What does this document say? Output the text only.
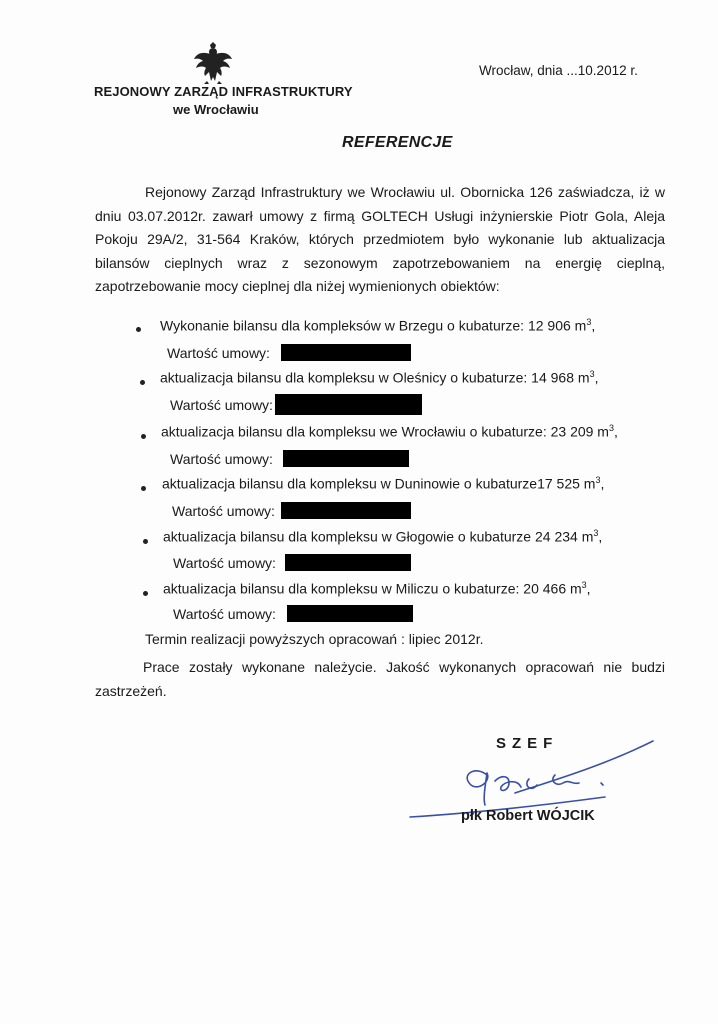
REJONOWY ZARZĄD INFRASTRUKTURY
we Wrocławiu
Wrocław, dnia ...10.2012 r.
REFERENCJE
Rejonowy Zarząd Infrastruktury we Wrocławiu ul. Obornicka 126 zaświadcza, iż w dniu 03.07.2012r. zawarł umowy z firmą GOLTECH Usługi inżynierskie Piotr Gola, Aleja Pokoju 29A/2, 31-564 Kraków, których przedmiotem było wykonanie lub aktualizacja bilansów cieplnych wraz z sezonowym zapotrzebowaniem na energię cieplną, zapotrzebowanie mocy cieplnej dla niżej wymienionych obiektów:
Wykonanie bilansu dla kompleksów w Brzegu o kubaturze: 12 906 $m^3$,
Wartość umowy:
aktualizacja bilansu dla kompleksu w Oleśnicy o kubaturze: 14 968 $m^3$,
Wartość umowy:
aktualizacja bilansu dla kompleksu we Wrocławiu o kubaturze: 23 209 $m^3$,
Wartość umowy:
aktualizacja bilansu dla kompleksu w Duninowie o kubaturze17 525 $m^3$,
Wartość umowy:
aktualizacja bilansu dla kompleksu w Głogowie o kubaturze 24 234 $m^3$,
Wartość umowy:
aktualizacja bilansu dla kompleksu w Miliczu o kubaturze: 20 466 $m^3$,
Wartość umowy:
Termin realizacji powyższych opracowań : lipiec 2012r.
Prace zostały wykonane należycie. Jakość wykonanych opracowań nie budzi zastrzeżeń.
SZEF
płk Robert WÓJCIK
